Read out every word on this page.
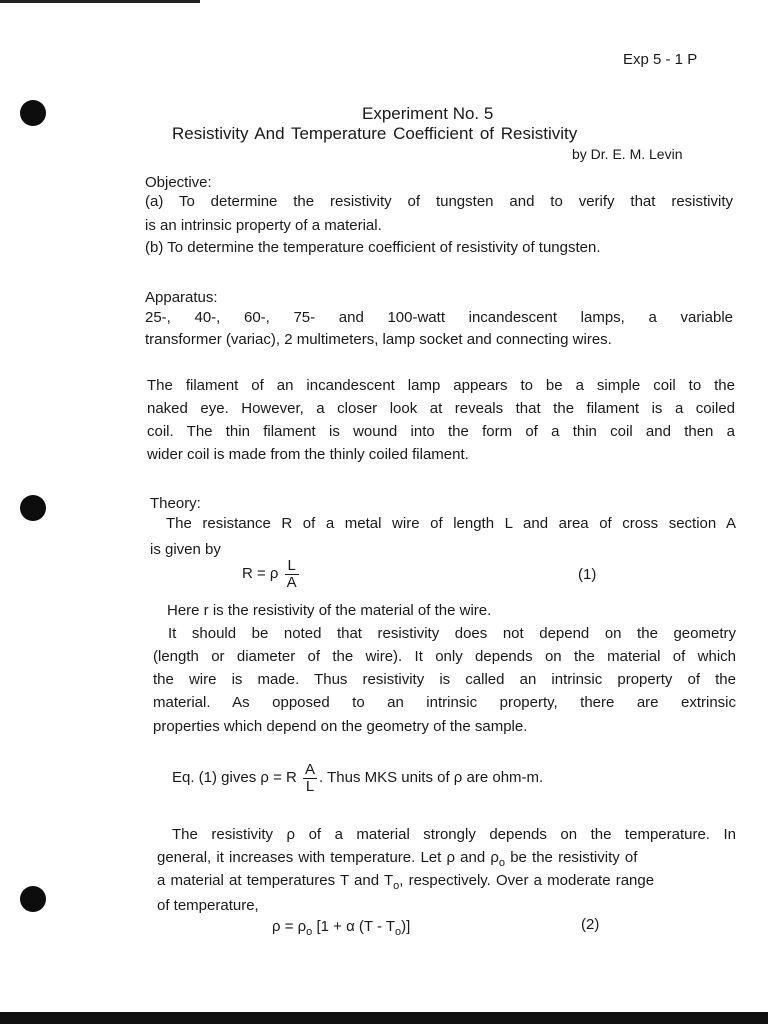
Exp 5 - 1 P
Experiment No. 5
Resistivity And Temperature Coefficient of Resistivity
by Dr. E. M. Levin
Objective:
(a) To determine the resistivity of tungsten and to verify that resistivity
is an intrinsic property of a material.
(b) To determine the temperature coefficient of resistivity of tungsten.
Apparatus:
25-, 40-, 60-, 75- and 100-watt incandescent lamps, a variable
transformer (variac), 2 multimeters, lamp socket and connecting wires.
The filament of an incandescent lamp appears to be a simple coil to the
naked eye. However, a closer look at reveals that the filament is a coiled
coil. The thin filament is wound into the form of a thin coil and then a
wider coil is made from the thinly coiled filament.
Theory:
The resistance R of a metal wire of length L and area of cross section A
is given by
R = ρ $\frac{L}{A}$	(1)
Here r is the resistivity of the material of the wire.
It should be noted that resistivity does not depend on the geometry
(length or diameter of the wire). It only depends on the material of which
the wire is made. Thus resistivity is called an intrinsic property of the
material. As opposed to an intrinsic property, there are extrinsic
properties which depend on the geometry of the sample.
Eq. (1) gives ρ = R $\frac{A}{L}$ . Thus MKS units of ρ are ohm-m.
The resistivity ρ of a material strongly depends on the temperature. In
general, it increases with temperature. Let ρ and $\rho_o$ be the resistivity of
a material at temperatures T and $T_o$, respectively. Over a moderate range
of temperature,
$\rho = \rho_o$ [1 + α $(T - T_o)$]	(2)
